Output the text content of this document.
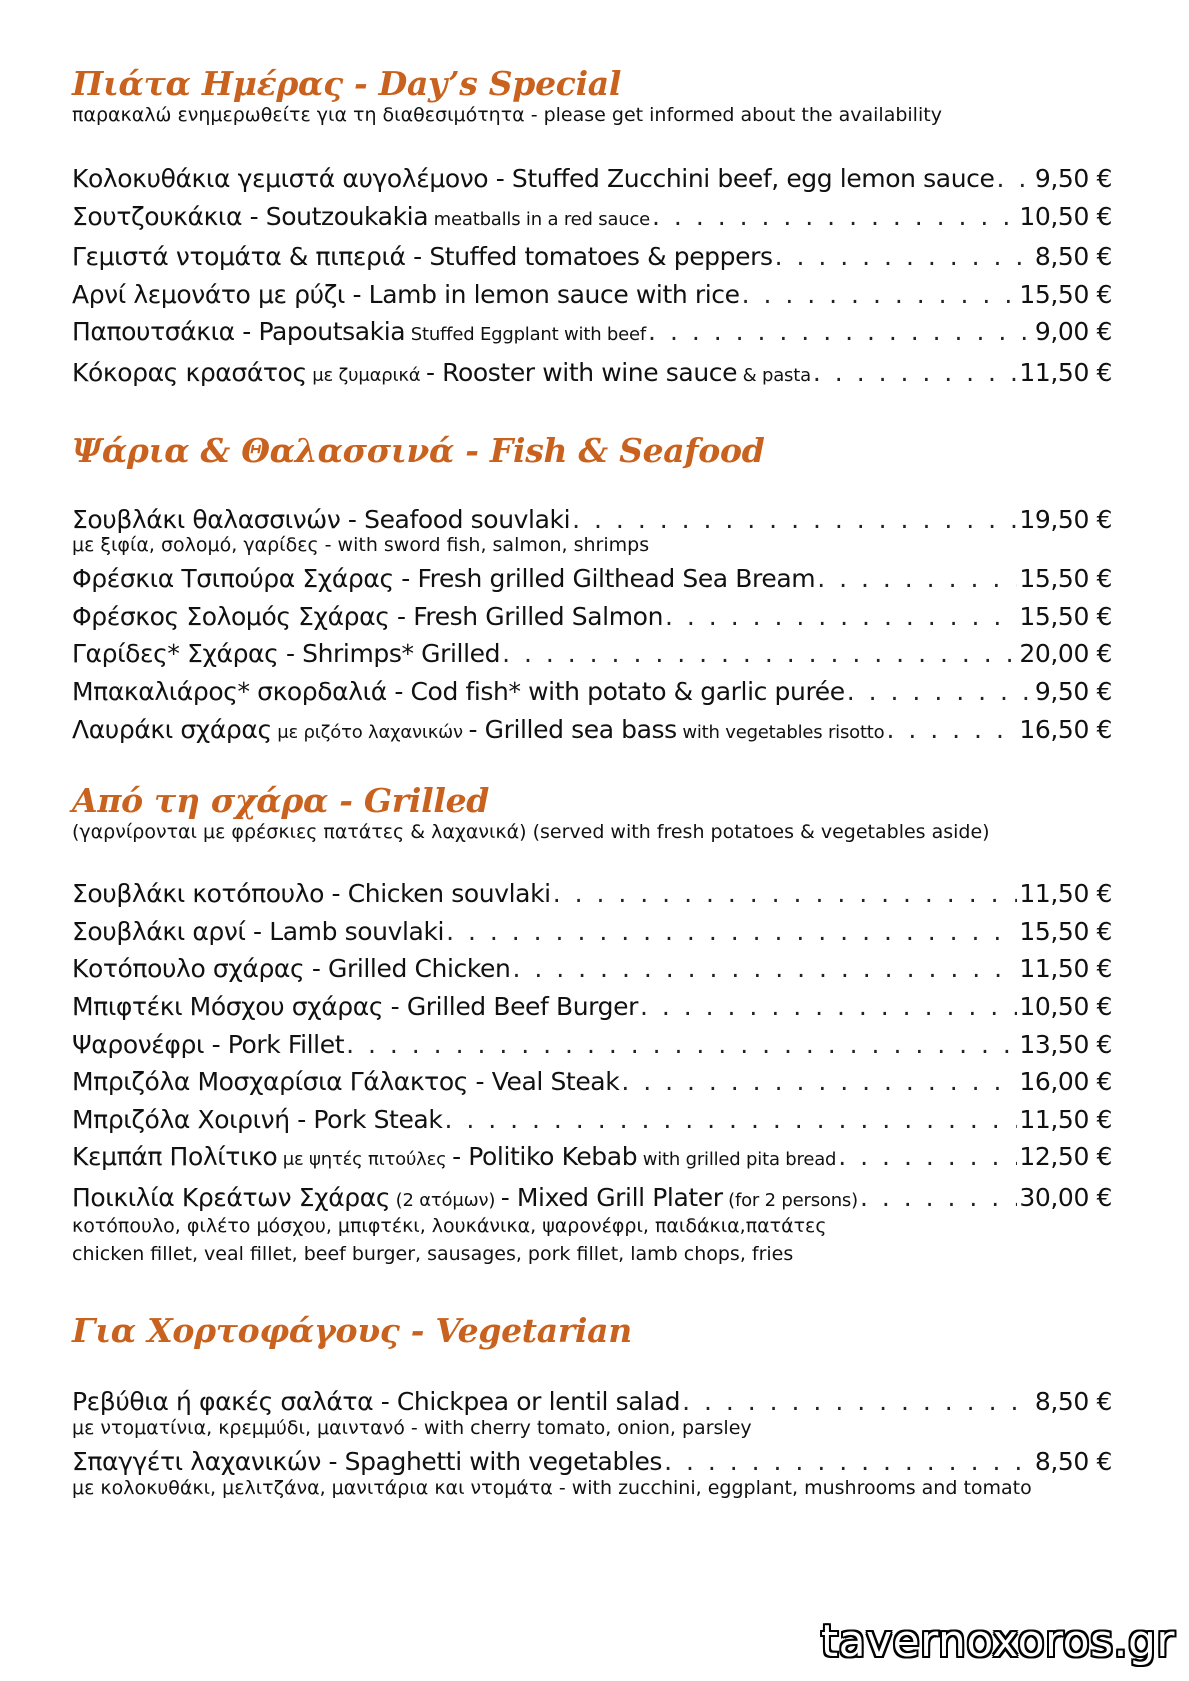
Πιάτα Ημέρας - Day’s Special

παρακαλώ ενημερωθείτε για τη διαθεσιμότητα - please get informed about the availability

Κολοκυθάκια γεμιστά αυγολέμονο - Stuffed Zucchini beef, egg lemon sauce . . . 9,50 €
Σουτζουκάκια - Soutzoukakia meatballs in a red sauce . . .	10,50 €
Γεμιστά ντομάτα & πιπεριά - Stuffed tomatoes & peppers . . .	8,50 €
Αρνί λεμονάτο με ρύζι - Lamb in lemon sauce with rice . . .	15,50 €
Παπουτσάκια - Papoutsakia Stuffed Eggplant with beef . . .	9,00 €
Κόκορας κρασάτος με ζυμαρικά - Rooster with wine sauce & pasta . . .	11,50 €
Ψάρια & Θαλασσινά - Fish & Seafood
Σουβλάκι θαλασσινών - Seafood souvlaki . . .	19,50 €
με ξιφία, σολομό, γαρίδες - with sword fish, salmon, shrimps
Φρέσκια Τσιπούρα Σχάρας - Fresh grilled Gilthead Sea Bream . . .	15,50 €
Φρέσκος Σολομός Σχάρας - Fresh Grilled Salmon . . .	15,50 €
Γαρίδες* Σχάρας - Shrimps* Grilled . . .	20,00 €
Μπακαλιάρος* σκορδαλιά - Cod fish* with potato & garlic purée . . .	9,50 €
Λαυράκι σχάρας με ριζότο λαχανικών - Grilled sea bass with vegetables risotto . . .	16,50 €
Από τη σχάρα - Grilled

(γαρνίρονται με φρέσκιες πατάτες & λαχανικά) (served with fresh potatoes & vegetables aside)

Σουβλάκι κοτόπουλο - Chicken souvlaki . . .	11,50 €
Σουβλάκι αρνί - Lamb souvlaki . . .	15,50 €
Κοτόπουλο σχάρας - Grilled Chicken . . .	11,50 €
Μπιφτέκι Μόσχου σχάρας - Grilled Beef Burger . . .	10,50 €
Ψαρονέφρι - Pork Fillet . . .	13,50 €
Μπριζόλα Μοσχαρίσια Γάλακτος - Veal Steak . . .	16,00 €
Μπριζόλα Χοιρινή - Pork Steak . . .	11,50 €
Κεμπάπ Πολίτικο με ψητές πιτούλες - Politiko Kebab with grilled pita bread . . .	12,50 €
Ποικιλία Κρεάτων Σχάρας (2 ατόμων) - Mixed Grill Plater (for 2 persons) . . .	30,00 €
κοτόπουλο, φιλέτο μόσχου, μπιφτέκι, λουκάνικα, ψαρονέφρι, παιδάκια,πατάτες
chicken fillet, veal fillet, beef burger, sausages, pork fillet, lamb chops, fries
Για Χορτοφάγους - Vegetarian
Ρεβύθια ή φακές σαλάτα - Chickpea or lentil salad . . .	8,50 €
με ντοματίνια, κρεμμύδι, μαιντανό - with cherry tomato, onion, parsley
Σπαγγέτι λαχανικών - Spaghetti with vegetables . . .	8,50 €
με κολοκυθάκι, μελιτζάνα, μανιτάρια και ντομάτα - with zucchini, eggplant, mushrooms and tomato
tavernoxoros.gr
